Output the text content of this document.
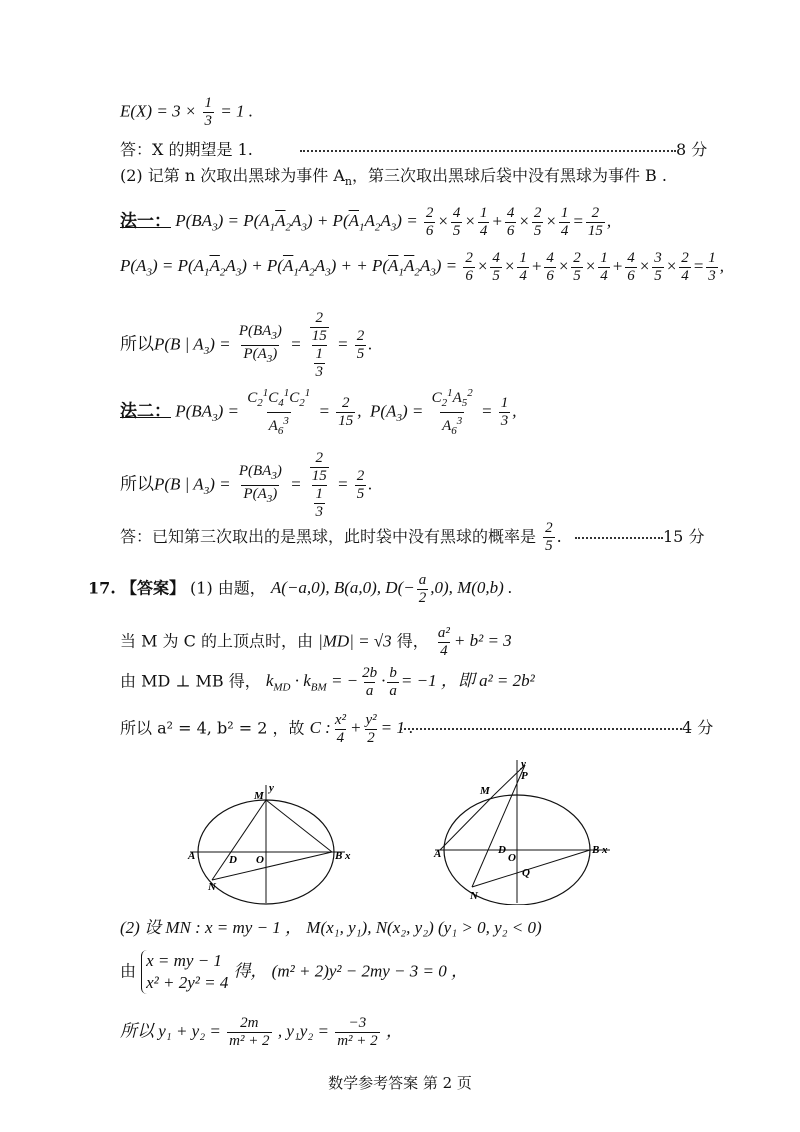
$E(X) = 3 \times \frac{1}{3} = 1$ .
答：X 的期望是 1.	8 分
(2) 记第 n 次取出黑球为事件 $A_n$，第三次取出黑球后袋中没有黑球为事件 B .
法一： $P(BA_3) = P(A_1\overline{A}_2A_3) + P(\overline{A}_1A_2A_3) = \frac{2}{6} \times \frac{4}{5} \times \frac{1}{4} + \frac{4}{6} \times \frac{2}{5} \times \frac{1}{4} = \frac{2}{15}$ ,
$P(A_3) = P(A_1\overline{A}_2A_3) + P(\overline{A}_1A_2A_3)$ + + $P(\overline{A}_1\overline{A}_2A_3) = \frac{2}{6} \times \frac{4}{5} \times \frac{1}{4} + \frac{4}{6} \times \frac{2}{5} \times \frac{1}{4} + \frac{4}{6} \times \frac{3}{5} \times \frac{2}{4} = \frac{1}{3}$ ,
所以P(B | $A_3) = \frac{P(BA_3)}{P(A_3)} = \frac{\frac{2}{15}}{\frac{1}{3}} = \frac{2}{5}$ .
法二： $P(BA_3) = \frac{C_2^1C_4^1C_2^1}{A_6^3} = \frac{2}{15}$ ,  $P(A_3) = \frac{C_2^1A_5^2}{A_6^3} = \frac{1}{3}$ ,
所以P(B | $A_3) = \frac{P(BA_3)}{P(A_3)} = \frac{\frac{2}{15}}{\frac{1}{3}} = \frac{2}{5}$ .
答：已知第三次取出的是黑球，此时袋中没有黑球的概率是 $\frac{2}{5}$ .	15 分
17. 【答案】 (1) 由题， A(−a,0), B(a,0), $D(- \frac{a}{2} ,0)$, M(0,b) .
当 M 为 C 的上顶点时，由 |MD| = √3 得， $\frac{\text{a²}}{4} + b^2 = 3$
由 MD ⊥ MB 得， $k_{MD} \cdot k_{BM}$ = − $\frac{2b}{a} \cdot \frac{b}{a} = -1$ ，即 a² = 2b²
所以 a² = 4, b² = 2 ，故 C : $\frac{\text{x²}}{4} + \frac{\text{y²}}{2} = 1$ .	4 分
M
y
A	D O	B x
N
y
P
M
A	D
O
B x
Q
N
(2) 设 MN : x = my − 1 ， M(x₁, y₁), N(x₂, y₂) (y₁ > 0, y₂ < 0)
由
x = my − 1
x² + 2y² = 4
得， (m² + 2)y² − 2my − 3 = 0 ，
所以 $y_1 + y_2 = \frac{2m}{\text{m² + 2}}$ , $y_1y_2 = \frac{-3}{\text{m² + 2}}$ ，
数学参考答案 第 2 页
